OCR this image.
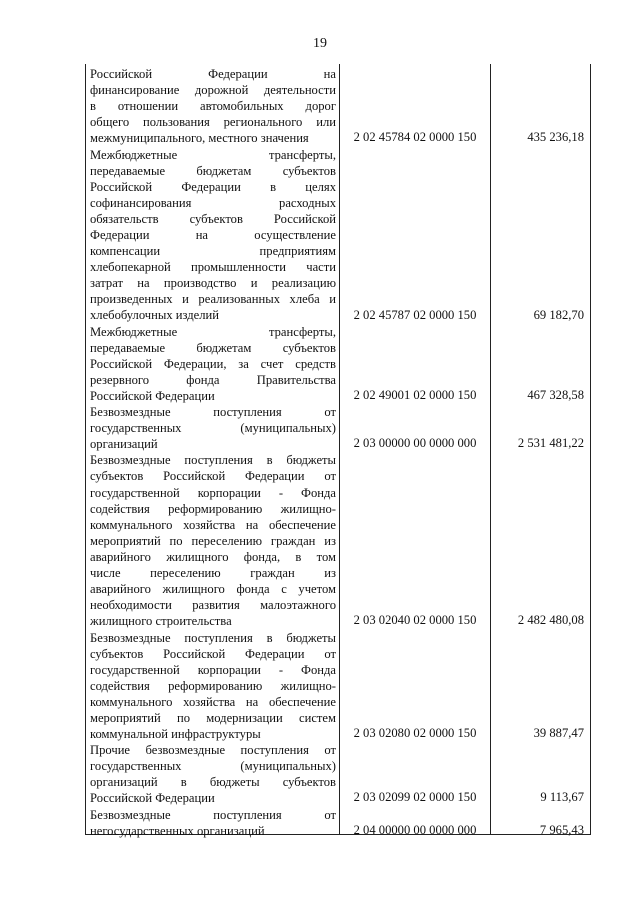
19
Российской Федерации на
финансирование дорожной деятельности
в отношении автомобильных дорог
общего пользования регионального или
межмуниципального, местного значения	2 02 45784 02 0000 150	435 236,18
Межбюджетные трансферты,
передаваемые бюджетам субъектов
Российской Федерации в целях
софинансирования расходных
обязательств субъектов Российской
Федерации на осуществление
компенсации предприятиям
хлебопекарной промышленности части
затрат на производство и реализацию
произведенных и реализованных хлеба и
хлебобулочных изделий	2 02 45787 02 0000 150	69 182,70
Межбюджетные трансферты,
передаваемые бюджетам субъектов
Российской Федерации, за счет средств
резервного фонда Правительства
Российской Федерации	2 02 49001 02 0000 150	467 328,58
Безвозмездные поступления от
государственных (муниципальных)
организаций	2 03 00000 00 0000 000	2 531 481,22
Безвозмездные поступления в бюджеты
субъектов Российской Федерации от
государственной корпорации - Фонда
содействия реформированию жилищно-
коммунального хозяйства на обеспечение
мероприятий по переселению граждан из
аварийного жилищного фонда, в том
числе переселению граждан из
аварийного жилищного фонда с учетом
необходимости развития малоэтажного
жилищного строительства	2 03 02040 02 0000 150	2 482 480,08
Безвозмездные поступления в бюджеты
субъектов Российской Федерации от
государственной корпорации - Фонда
содействия реформированию жилищно-
коммунального хозяйства на обеспечение
мероприятий по модернизации систем
коммунальной инфраструктуры	2 03 02080 02 0000 150	39 887,47
Прочие безвозмездные поступления от
государственных (муниципальных)
организаций в бюджеты субъектов
Российской Федерации	2 03 02099 02 0000 150	9 113,67
Безвозмездные поступления от
негосударственных организаций	2 04 00000 00 0000 000	7 965,43
